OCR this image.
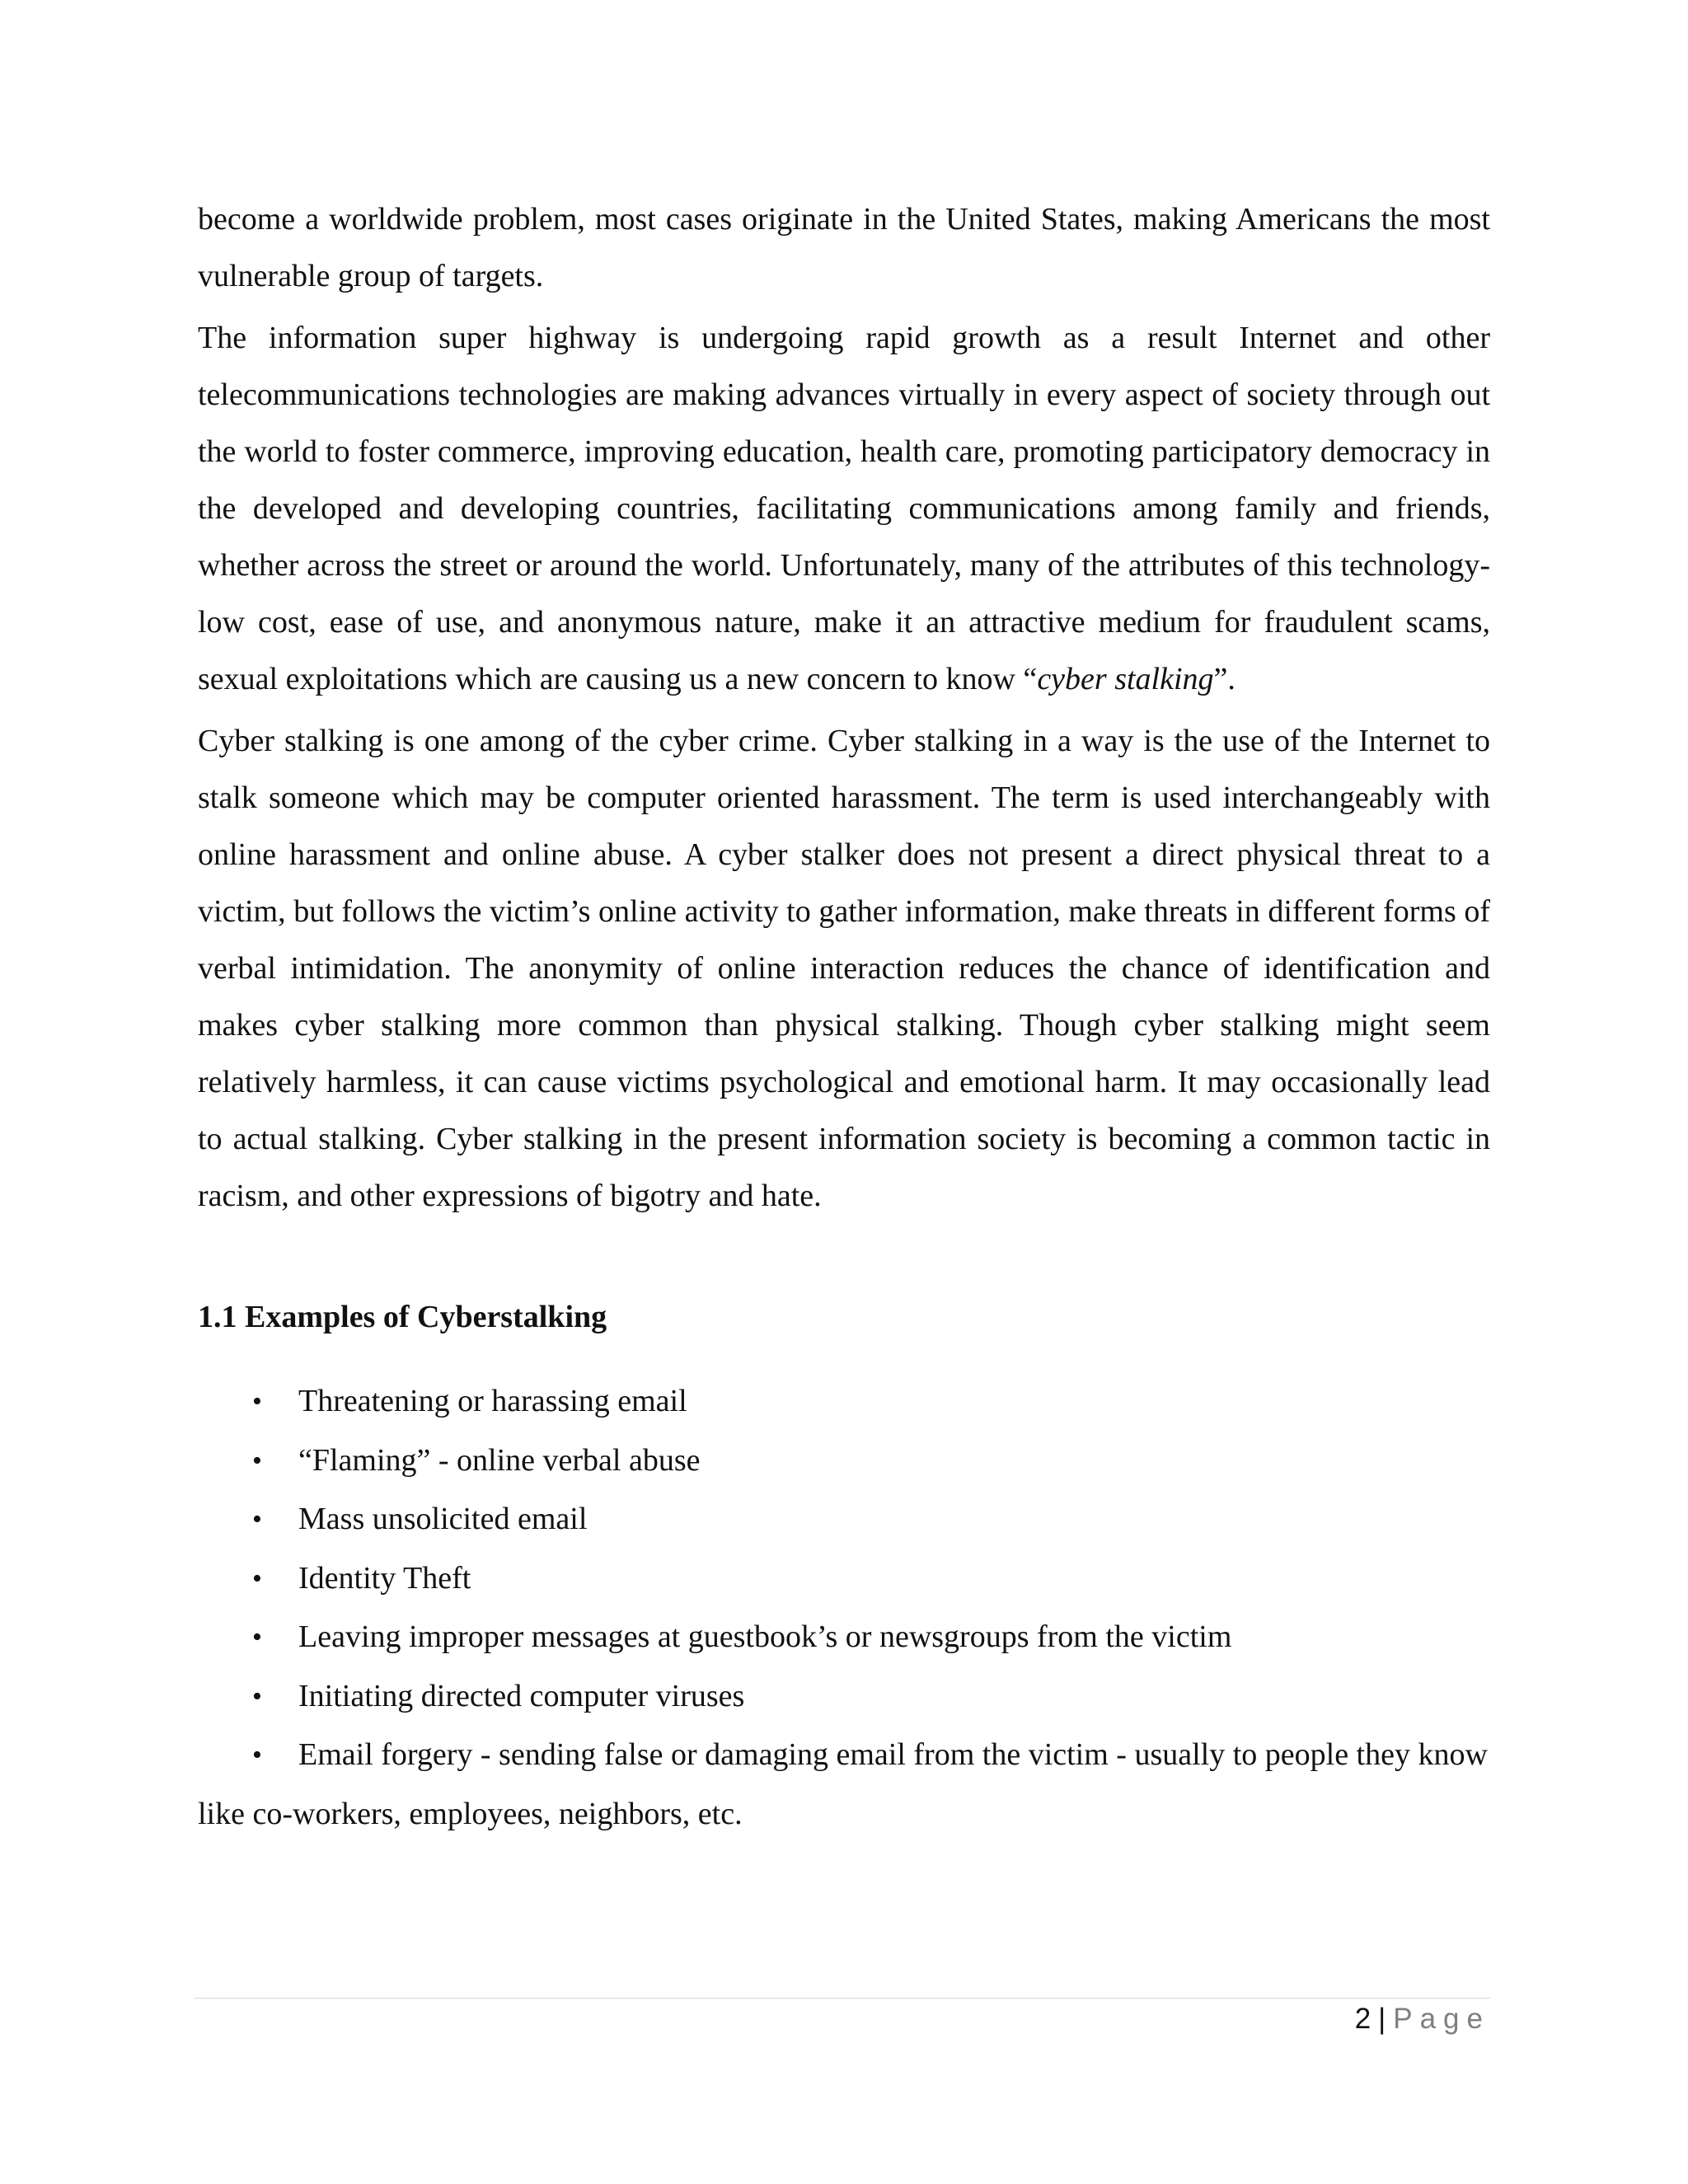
become a worldwide problem, most cases originate in the United States, making Americans the most vulnerable group of targets.

The information super highway is undergoing rapid growth as a result Internet and other telecommunications technologies are making advances virtually in every aspect of society through out the world to foster commerce, improving education, health care, promoting participatory democracy in the developed and developing countries, facilitating communications among family and friends, whether across the street or around the world. Unfortunately, many of the attributes of this technology- low cost, ease of use, and anonymous nature, make it an attractive medium for fraudulent scams, sexual exploitations which are causing us a new concern to know “cyber stalking”.

Cyber stalking is one among of the cyber crime. Cyber stalking in a way is the use of the Internet to stalk someone which may be computer oriented harassment. The term is used interchangeably with online harassment and online abuse. A cyber stalker does not present a direct physical threat to a victim, but follows the victim’s online activity to gather information, make threats in different forms of verbal intimidation. The anonymity of online interaction reduces the chance of identification and makes cyber stalking more common than physical stalking. Though cyber stalking might seem relatively harmless, it can cause victims psychological and emotional harm. It may occasionally lead to actual stalking. Cyber stalking in the present information society is becoming a common tactic in racism, and other expressions of bigotry and hate.

1.1 Examples of Cyberstalking
• Threatening or harassing email
• “Flaming” - online verbal abuse
• Mass unsolicited email
• Identity Theft
• Leaving improper messages at guestbook’s or newsgroups from the victim
• Initiating directed computer viruses
• Email forgery - sending false or damaging email from the victim - usually to people they know like co-workers, employees, neighbors, etc.
2 | Page
